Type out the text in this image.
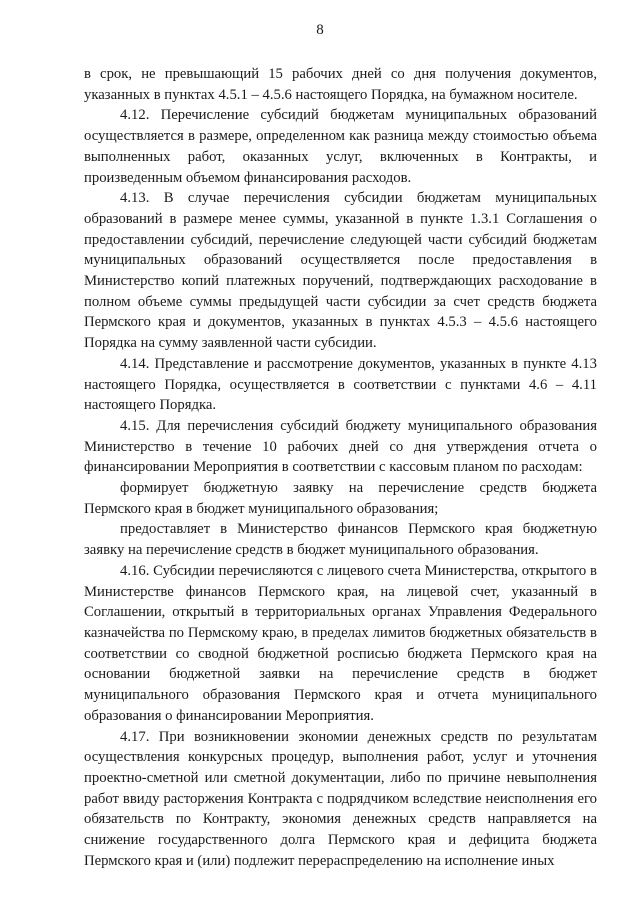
8

в срок, не превышающий 15 рабочих дней со дня получения документов, указанных в пунктах 4.5.1 – 4.5.6 настоящего Порядка, на бумажном носителе.

4.12. Перечисление субсидий бюджетам муниципальных образований осуществляется в размере, определенном как разница между стоимостью объема выполненных работ, оказанных услуг, включенных в Контракты, и произведенным объемом финансирования расходов.

4.13. В случае перечисления субсидии бюджетам муниципальных образований в размере менее суммы, указанной в пункте 1.3.1 Соглашения о предоставлении субсидий, перечисление следующей части субсидий бюджетам муниципальных образований осуществляется после предоставления в Министерство копий платежных поручений, подтверждающих расходование в полном объеме суммы предыдущей части субсидии за счет средств бюджета Пермского края и документов, указанных в пунктах 4.5.3 – 4.5.6 настоящего Порядка на сумму заявленной части субсидии.

4.14. Представление и рассмотрение документов, указанных в пункте 4.13 настоящего Порядка, осуществляется в соответствии с пунктами 4.6 – 4.11 настоящего Порядка.

4.15. Для перечисления субсидий бюджету муниципального образования Министерство в течение 10 рабочих дней со дня утверждения отчета о финансировании Мероприятия в соответствии с кассовым планом по расходам:

формирует бюджетную заявку на перечисление средств бюджета Пермского края в бюджет муниципального образования;

предоставляет в Министерство финансов Пермского края бюджетную заявку на перечисление средств в бюджет муниципального образования.

4.16. Субсидии перечисляются с лицевого счета Министерства, открытого в Министерстве финансов Пермского края, на лицевой счет, указанный в Соглашении, открытый в территориальных органах Управления Федерального казначейства по Пермскому краю, в пределах лимитов бюджетных обязательств в соответствии со сводной бюджетной росписью бюджета Пермского края на основании бюджетной заявки на перечисление средств в бюджет муниципального образования Пермского края и отчета муниципального образования о финансировании Мероприятия.

4.17. При возникновении экономии денежных средств по результатам осуществления конкурсных процедур, выполнения работ, услуг и уточнения проектно-сметной или сметной документации, либо по причине невыполнения работ ввиду расторжения Контракта с подрядчиком вследствие неисполнения его обязательств по Контракту, экономия денежных средств направляется на снижение государственного долга Пермского края и дефицита бюджета Пермского края и (или) подлежит перераспределению на исполнение иных
